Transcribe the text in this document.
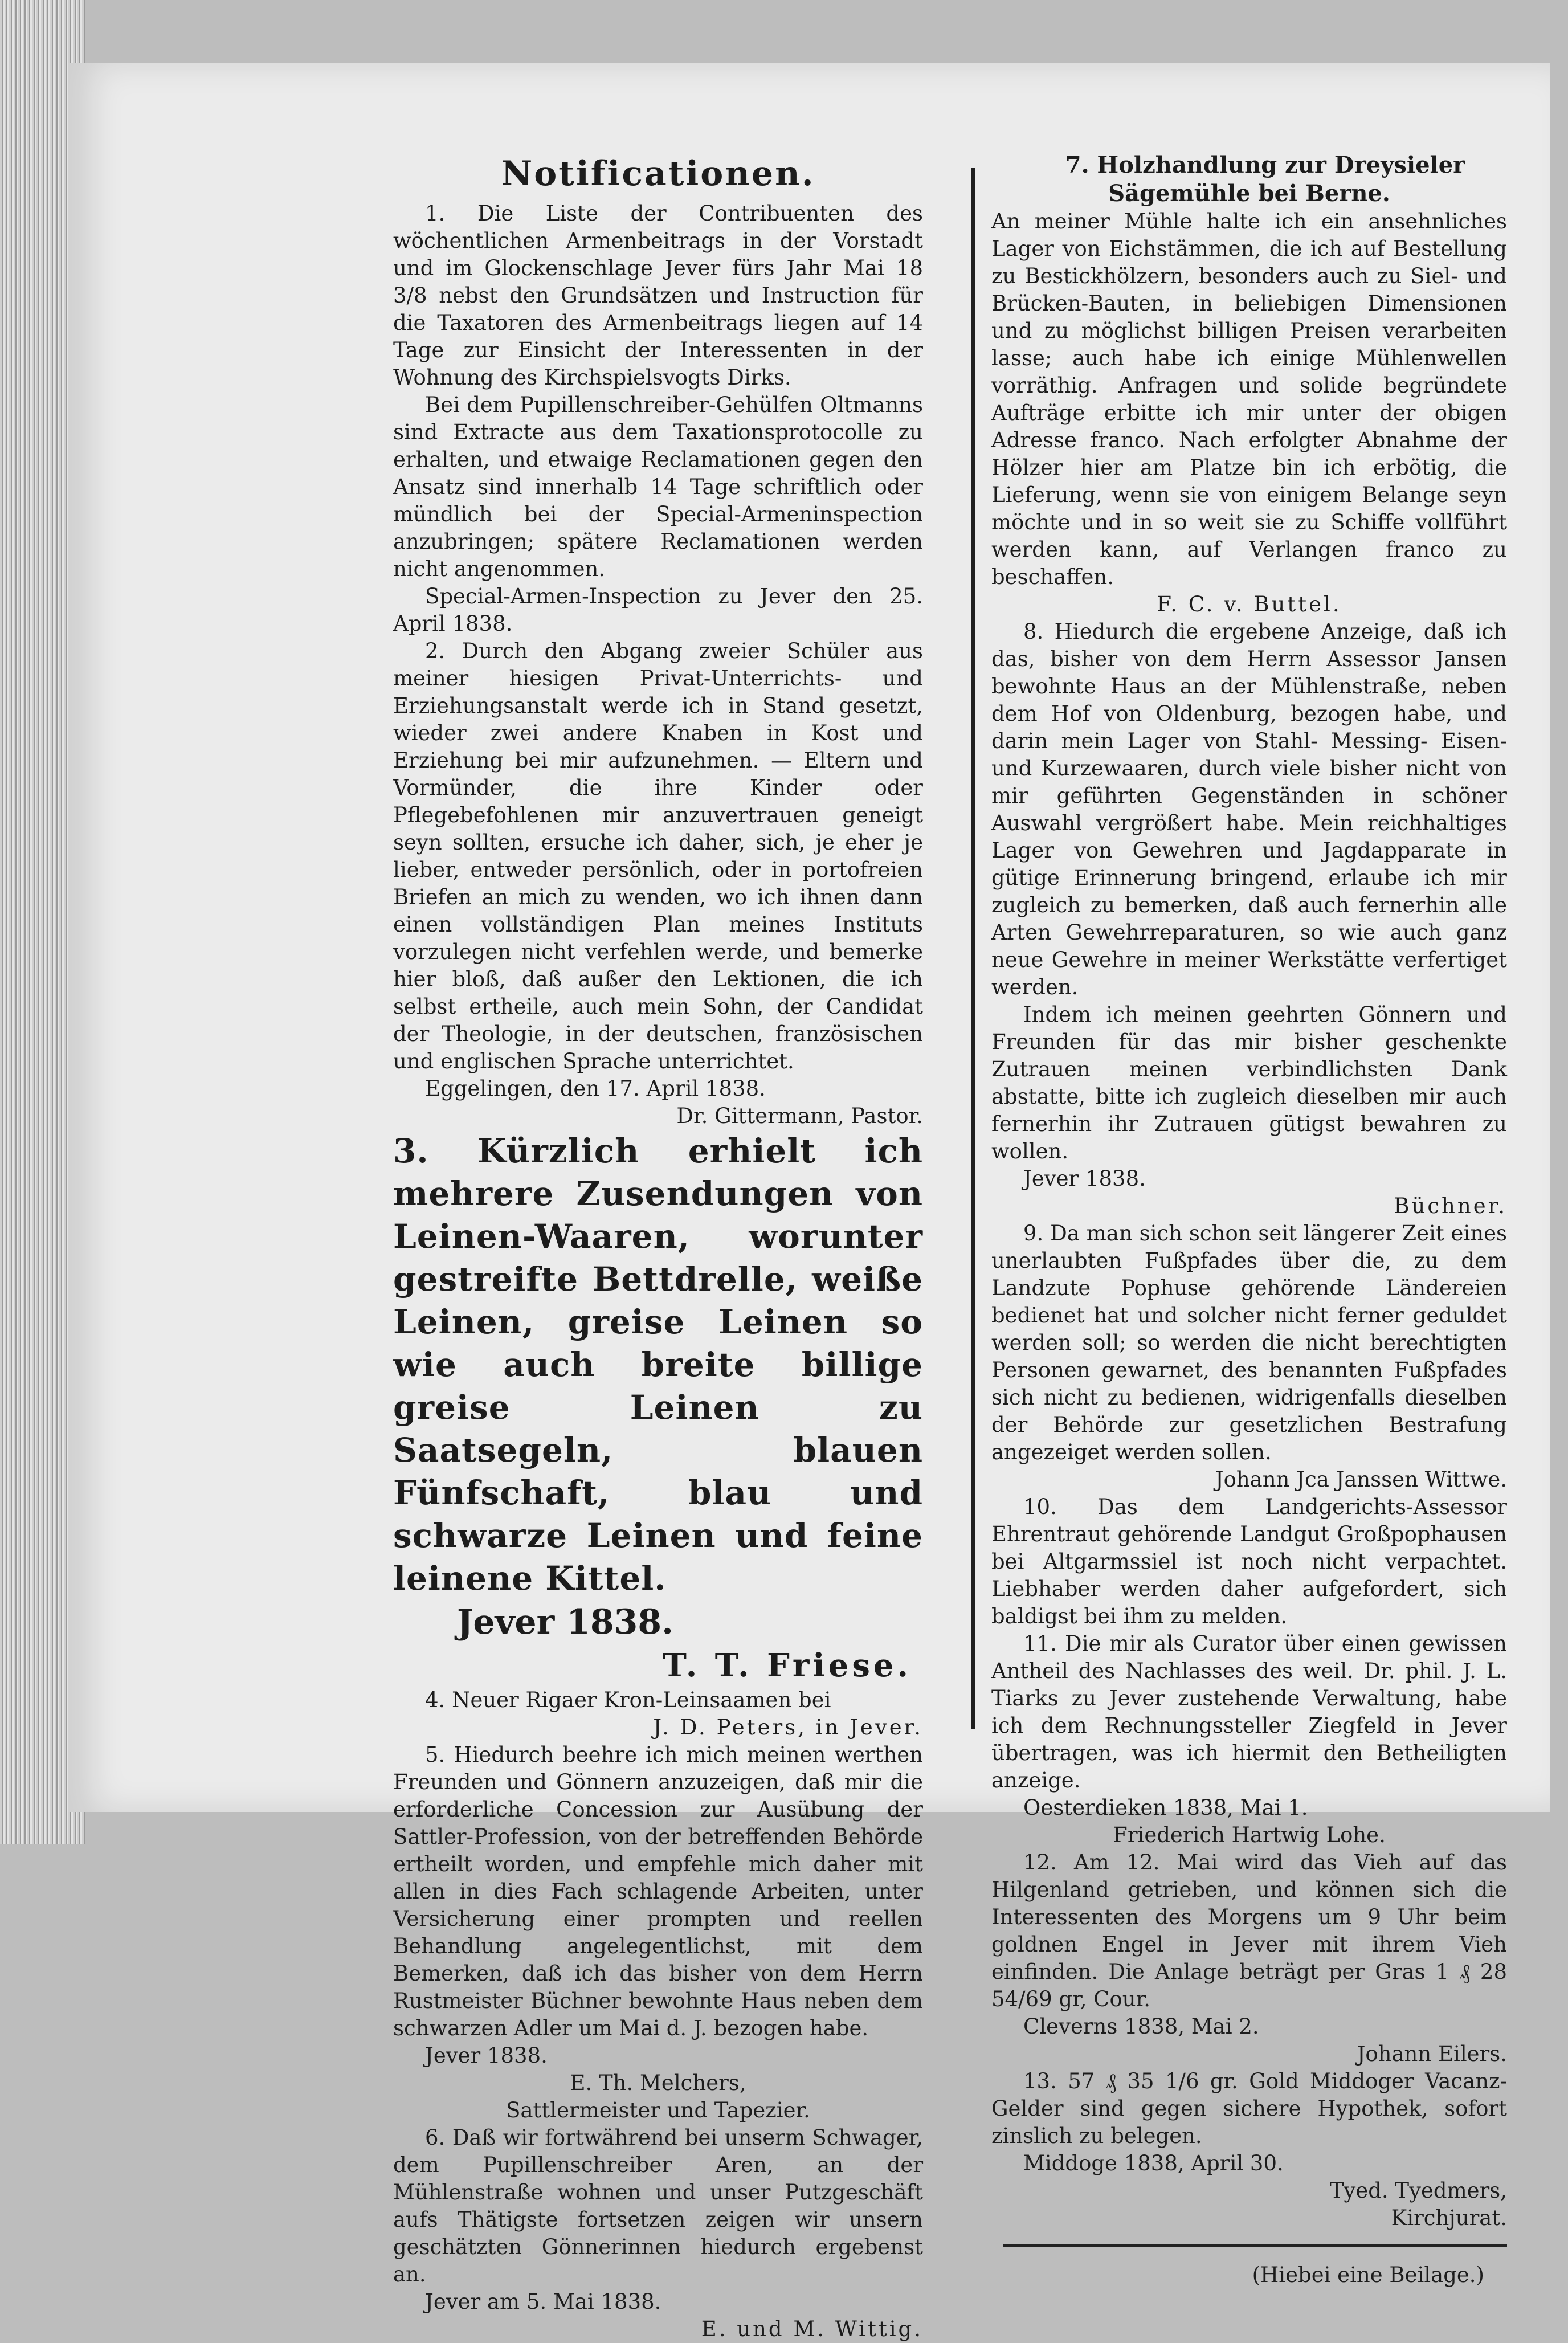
Notificationen.

1. Die Liste der Contribuenten des wöchentlichen Armenbeitrags in der Vorstadt und im Glockenschlage Jever fürs Jahr Mai 18 3/8 nebst den Grundsätzen und Instruction für die Taxatoren des Armenbeitrags liegen auf 14 Tage zur Einsicht der Interessenten in der Wohnung des Kirchspielsvogts Dirks.

Bei dem Pupillenschreiber-Gehülfen Oltmanns sind Extracte aus dem Taxationsprotocolle zu erhalten, und etwaige Reclamationen gegen den Ansatz sind innerhalb 14 Tage schriftlich oder mündlich bei der Special-Armeninspection anzubringen; spätere Reclamationen werden nicht angenommen.

Special-Armen-Inspection zu Jever den 25. April 1838.

2. Durch den Abgang zweier Schüler aus meiner hiesigen Privat-Unterrichts- und Erziehungsanstalt werde ich in Stand gesetzt, wieder zwei andere Knaben in Kost und Erziehung bei mir aufzunehmen. — Eltern und Vormünder, die ihre Kinder oder Pflegebefohlenen mir anzuvertrauen geneigt seyn sollten, ersuche ich daher, sich, je eher je lieber, entweder persönlich, oder in portofreien Briefen an mich zu wenden, wo ich ihnen dann einen vollständigen Plan meines Instituts vorzulegen nicht verfehlen werde, und bemerke hier bloß, daß außer den Lektionen, die ich selbst ertheile, auch mein Sohn, der Candidat der Theologie, in der deutschen, französischen und englischen Sprache unterrichtet.

Eggelingen, den 17. April 1838.

Dr. Gittermann, Pastor.

3. Kürzlich erhielt ich mehrere Zusendungen von Leinen-Waaren, worunter gestreifte Bettdrelle, weiße Leinen, greise Leinen so wie auch breite billige greise Leinen zu Saatsegeln, blauen Fünfschaft, blau und schwarze Leinen und feine leinene Kittel.

Jever 1838.

T. T. Friese.

4. Neuer Rigaer Kron-Leinsaamen bei

J. D. Peters, in Jever.

5. Hiedurch beehre ich mich meinen werthen Freunden und Gönnern anzuzeigen, daß mir die erforderliche Concession zur Ausübung der Sattler-Profession, von der betreffenden Behörde ertheilt worden, und empfehle mich daher mit allen in dies Fach schlagende Arbeiten, unter Versicherung einer prompten und reellen Behandlung angelegentlichst, mit dem Bemerken, daß ich das bisher von dem Herrn Rustmeister Büchner bewohnte Haus neben dem schwarzen Adler um Mai d. J. bezogen habe.

Jever 1838.

E. Th. Melchers,

Sattlermeister und Tapezier.

6. Daß wir fortwährend bei unserm Schwager, dem Pupillenschreiber Aren, an der Mühlenstraße wohnen und unser Putzgeschäft aufs Thätigste fortsetzen zeigen wir unsern geschätzten Gönnerinnen hiedurch ergebenst an.

Jever am 5. Mai 1838.

E. und M. Wittig.

7. Holzhandlung zur Dreysieler Sägemühle bei Berne.

An meiner Mühle halte ich ein ansehnliches Lager von Eichstämmen, die ich auf Bestellung zu Bestickhölzern, besonders auch zu Siel- und Brücken-Bauten, in beliebigen Dimensionen und zu möglichst billigen Preisen verarbeiten lasse; auch habe ich einige Mühlenwellen vorräthig. Anfragen und solide begründete Aufträge erbitte ich mir unter der obigen Adresse franco. Nach erfolgter Abnahme der Hölzer hier am Platze bin ich erbötig, die Lieferung, wenn sie von einigem Belange seyn möchte und in so weit sie zu Schiffe vollführt werden kann, auf Verlangen franco zu beschaffen.

F. C. v. Buttel.

8. Hiedurch die ergebene Anzeige, daß ich das, bisher von dem Herrn Assessor Jansen bewohnte Haus an der Mühlenstraße, neben dem Hof von Oldenburg, bezogen habe, und darin mein Lager von Stahl- Messing- Eisen- und Kurzewaaren, durch viele bisher nicht von mir geführten Gegenständen in schöner Auswahl vergrößert habe. Mein reichhaltiges Lager von Gewehren und Jagdapparate in gütige Erinnerung bringend, erlaube ich mir zugleich zu bemerken, daß auch fernerhin alle Arten Gewehrreparaturen, so wie auch ganz neue Gewehre in meiner Werkstätte verfertiget werden.

Indem ich meinen geehrten Gönnern und Freunden für das mir bisher geschenkte Zutrauen meinen verbindlichsten Dank abstatte, bitte ich zugleich dieselben mir auch fernerhin ihr Zutrauen gütigst bewahren zu wollen.

Jever 1838.

Büchner.

9. Da man sich schon seit längerer Zeit eines unerlaubten Fußpfades über die, zu dem Landzute Pophuse gehörende Ländereien bedienet hat und solcher nicht ferner geduldet werden soll; so werden die nicht berechtigten Personen gewarnet, des benannten Fußpfades sich nicht zu bedienen, widrigenfalls dieselben der Behörde zur gesetzlichen Bestrafung angezeiget werden sollen.

Johann Jca Janssen Wittwe.

10. Das dem Landgerichts-Assessor Ehrentraut gehörende Landgut Großpophausen bei Altgarmssiel ist noch nicht verpachtet. Liebhaber werden daher aufgefordert, sich baldigst bei ihm zu melden.

11. Die mir als Curator über einen gewissen Antheil des Nachlasses des weil. Dr. phil. J. L. Tiarks zu Jever zustehende Verwaltung, habe ich dem Rechnungssteller Ziegfeld in Jever übertragen, was ich hiermit den Betheiligten anzeige.

Oesterdieken 1838, Mai 1.

Friederich Hartwig Lohe.

12. Am 12. Mai wird das Vieh auf das Hilgenland getrieben, und können sich die Interessenten des Morgens um 9 Uhr beim goldnen Engel in Jever mit ihrem Vieh einfinden. Die Anlage beträgt per Gras 1 ₰ 28 54/69 gr, Cour.

Cleverns 1838, Mai 2.

Johann Eilers.

13. 57 ₰ 35 1/6 gr. Gold Middoger Vacanz-Gelder sind gegen sichere Hypothek, sofort zinslich zu belegen.

Middoge 1838, April 30.

Tyed. Tyedmers,

Kirchjurat.

(Hiebei eine Beilage.)
